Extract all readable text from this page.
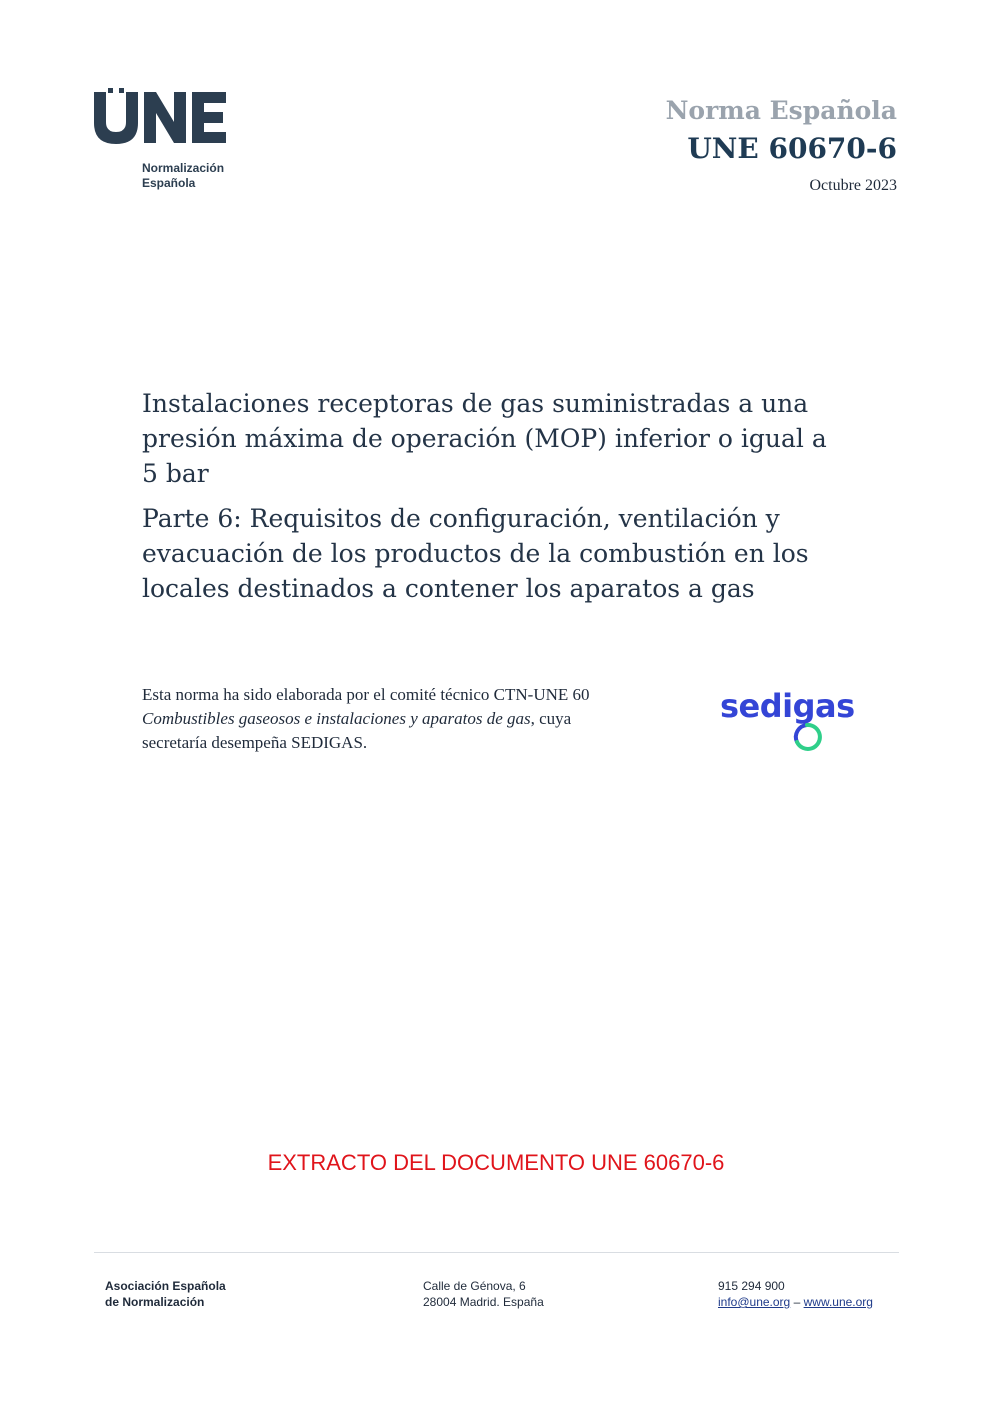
Normalización
Española
Norma Española
UNE 60670-6
Octubre 2023

Instalaciones receptoras de gas suministradas a una presión máxima de operación (MOP) inferior o igual a 5 bar

Parte 6: Requisitos de configuración, ventilación y evacuación de los productos de la combustión en los locales destinados a contener los aparatos a gas

Esta norma ha sido elaborada por el comité técnico CTN-UNE 60 Combustibles gaseosos e instalaciones y aparatos de gas, cuya secretaría desempeña SEDIGAS.
sedigas
EXTRACTO DEL DOCUMENTO UNE 60670-6
Asociación Española
de Normalización
Calle de Génova, 6
28004 Madrid. España
915 294 900
info@une.org – www.une.org
